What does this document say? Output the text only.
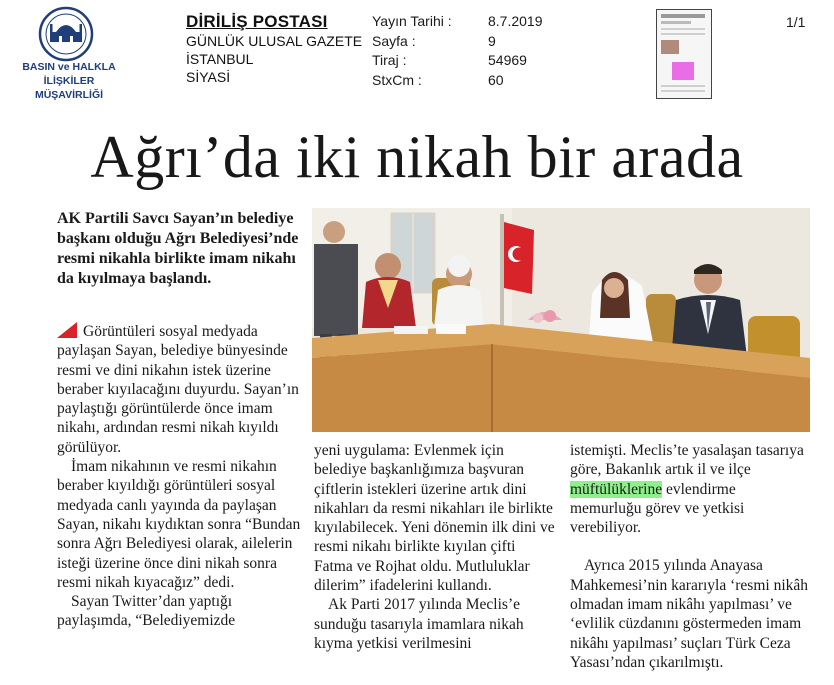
BASIN ve HALKLA İLİŞKİLER
MÜŞAVİRLİĞİ
DİRİLİŞ POSTASI
GÜNLÜK ULUSAL GAZETE
İSTANBUL
SİYASİ
Yayın Tarihi :	8.7.2019
Sayfa :	9
Tiraj :	54969
StxCm :	60
1/1
Ağrı’da iki nikah bir arada
AK Partili Savcı Sayan’ın belediye başkanı olduğu Ağrı Belediyesi’nde resmi nikahla birlikte imam nikahı da kıyılmaya başlandı.

Görüntüleri sosyal medyada paylaşan Sayan, belediye bünyesinde resmi ve dini nikahın istek üzerine beraber kıyılacağını duyurdu. Sayan’ın paylaştığı görüntülerde önce imam nikahı, ardından resmi nikah kıyıldı görülüyor.

İmam nikahının ve resmi nikahın beraber kıyıldığı görüntüleri sosyal medyada canlı yayında da paylaşan Sayan, nikahı kıydıktan sonra “Bundan sonra Ağrı Belediyesi olarak, ailelerin isteği üzerine önce dini nikah sonra resmi nikah kıyacağız” dedi.

Sayan Twitter’dan yaptığı paylaşımda, “Belediyemizde

yeni uygulama: Evlenmek için belediye başkanlığımıza başvuran çiftlerin istekleri üzerine artık dini nikahları da resmi nikahları ile birlikte kıyılabilecek. Yeni dönemin ilk dini ve resmi nikahı birlikte kıyılan çifti Fatma ve Rojhat oldu. Mutluluklar dilerim” ifadelerini kullandı.

Ak Parti 2017 yılında Meclis’e sunduğu tasarıyla imamlara nikah kıyma yetkisi verilmesini

istemişti. Meclis’te yasalaşan tasarıya göre, Bakanlık artık il ve ilçe müftülüklerine evlendirme memurluğu görev ve yetkisi verebiliyor.

Ayrıca 2015 yılında Anayasa Mahkemesi’nin kararıyla ‘resmi nikâh olmadan imam nikâhı yapılması’ ve ‘evlilik cüzdanını göstermeden imam nikâhı yapılması’ suçları Türk Ceza Yasası’ndan çıkarılmıştı.
